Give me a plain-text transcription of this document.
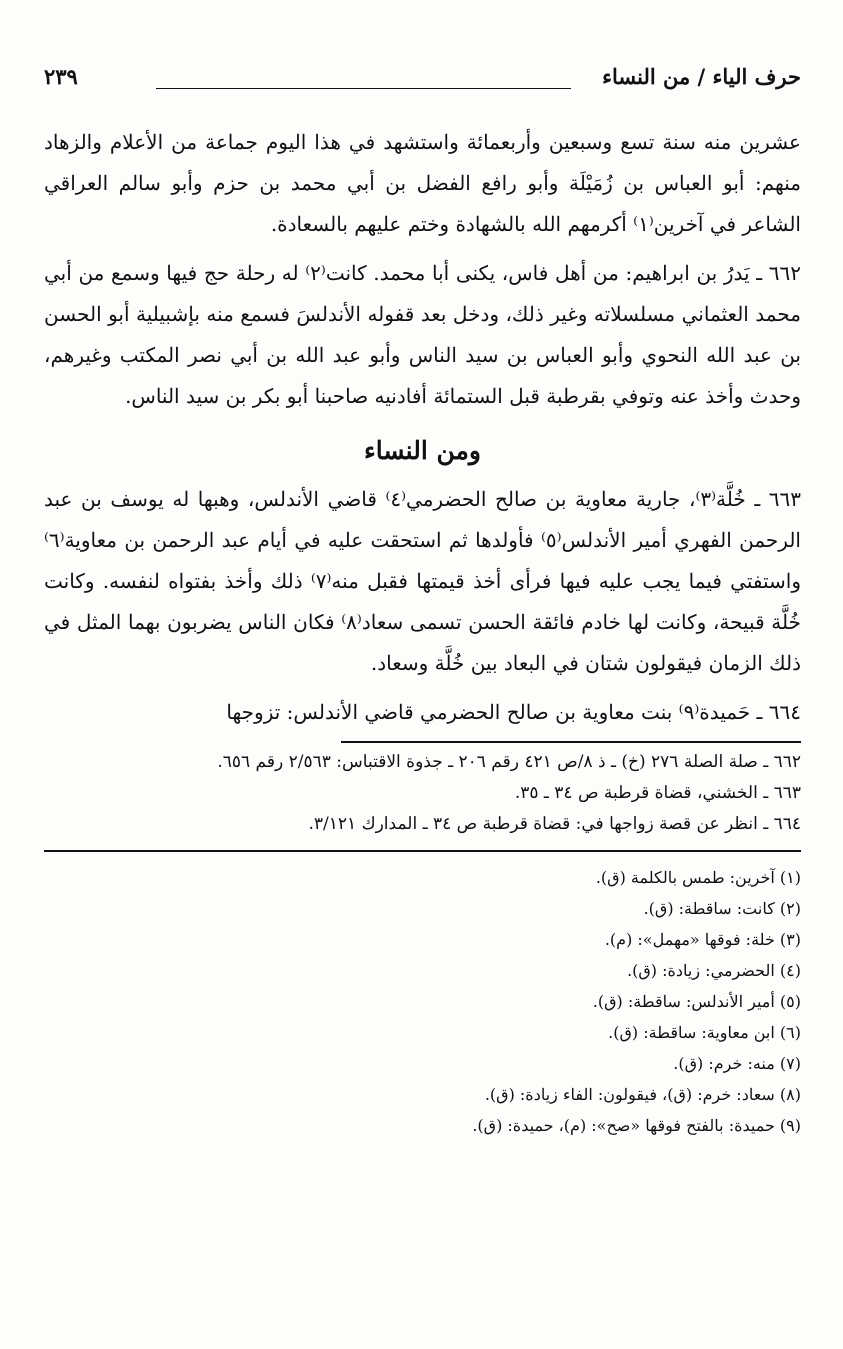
حرف الياء / من النساء
٢٣٩

عشرين منه سنة تسع وسبعين وأربعمائة واستشهد في هذا اليوم جماعة من الأعلام والزهاد منهم: أبو العباس بن زُمَيْلَة وأبو رافع الفضل بن أبي محمد بن حزم وأبو سالم العراقي الشاعر في آخرين⁽١⁾ أكرمهم الله بالشهادة وختم عليهم بالسعادة.

٦٦٢ ـ يَدرُ بن ابراهيم: من أهل فاس، يكنى أبا محمد. كانت⁽٢⁾ له رحلة حج فيها وسمع من أبي محمد العثماني مسلسلاته وغير ذلك، ودخل بعد قفوله الأندلسَ فسمع منه بإشبيلية أبو الحسن بن عبد الله النحوي وأبو العباس بن سيد الناس وأبو عبد الله بن أبي نصر المكتب وغيرهم، وحدث وأخذ عنه وتوفي بقرطبة قبل الستمائة أفادنيه صاحبنا أبو بكر بن سيد الناس.

ومن النساء

٦٦٣ ـ خُلَّة⁽٣⁾، جارية معاوية بن صالح الحضرمي⁽٤⁾ قاضي الأندلس، وهبها له يوسف بن عبد الرحمن الفهري أمير الأندلس⁽٥⁾ فأولدها ثم استحقت عليه في أيام عبد الرحمن بن معاوية⁽٦⁾ واستفتي فيما يجب عليه فيها فرأى أخذ قيمتها فقبل منه⁽٧⁾ ذلك وأخذ بفتواه لنفسه. وكانت خُلَّة قبيحة، وكانت لها خادم فائقة الحسن تسمى سعاد⁽٨⁾ فكان الناس يضربون بهما المثل في ذلك الزمان فيقولون شتان في البعاد بين خُلَّة وسعاد.

٦٦٤ ـ حَميدة⁽٩⁾ بنت معاوية بن صالح الحضرمي قاضي الأندلس: تزوجها

٦٦٢ ـ صلة الصلة ٢٧٦ (خ) ـ ذ ٨/ص ٤٢١ رقم ٢٠٦ ـ جذوة الاقتباس: ٢/٥٦٣ رقم ٦٥٦.
٦٦٣ ـ الخشني، قضاة قرطبة ص ٣٤ ـ ٣٥.
٦٦٤ ـ انظر عن قصة زواجها في: قضاة قرطبة ص ٣٤ ـ المدارك ٣/١٢١.
(١) آخرين: طمس بالكلمة (ق).
(٢) كانت: ساقطة: (ق).
(٣) خلة: فوقها «مهمل»: (م).
(٤) الحضرمي: زيادة: (ق).
(٥) أمير الأندلس: ساقطة: (ق).
(٦) ابن معاوية: ساقطة: (ق).
(٧) منه: خرم: (ق).
(٨) سعاد: خرم: (ق)، فيقولون: الفاء زيادة: (ق).
(٩) حميدة: بالفتح فوقها «صح»: (م)، حميدة: (ق).
